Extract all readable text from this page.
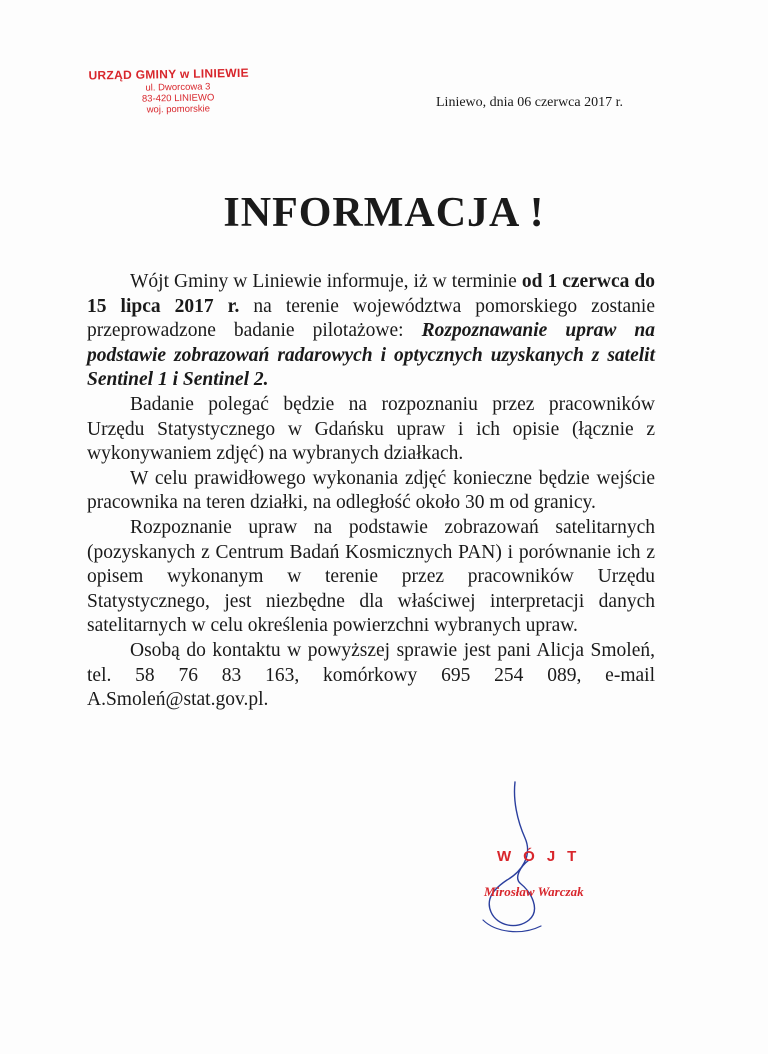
URZĄD GMINY w LINIEWIE
ul. Dworcowa 3
83-420 LINIEWO
woj. pomorskie	Liniewo, dnia 06 czerwca 2017 r.
INFORMACJA !

Wójt Gminy w Liniewie informuje, iż w terminie od 1 czerwca do 15 lipca 2017 r. na terenie województwa pomorskiego zostanie przeprowadzone badanie pilotażowe: Rozpoznawanie upraw na podstawie zobrazowań radarowych i optycznych uzyskanych z satelit Sentinel 1 i Sentinel 2.

Badanie polegać będzie na rozpoznaniu przez pracowników Urzędu Statystycznego w Gdańsku upraw i ich opisie (łącznie z wykonywaniem zdjęć) na wybranych działkach.

W celu prawidłowego wykonania zdjęć konieczne będzie wejście pracownika na teren działki, na odległość około 30 m od granicy.

Rozpoznanie upraw na podstawie zobrazowań satelitarnych (pozyskanych z Centrum Badań Kosmicznych PAN) i porównanie ich z opisem wykonanym w terenie przez pracowników Urzędu Statystycznego, jest niezbędne dla właściwej interpretacji danych satelitarnych w celu określenia powierzchni wybranych upraw.

Osobą do kontaktu w powyższej sprawie jest pani Alicja Smoleń, tel. 58 76 83 163, komórkowy 695 254 089, e-mail A.Smoleń@stat.gov.pl.

WÓJT
Mirosław Warczak
